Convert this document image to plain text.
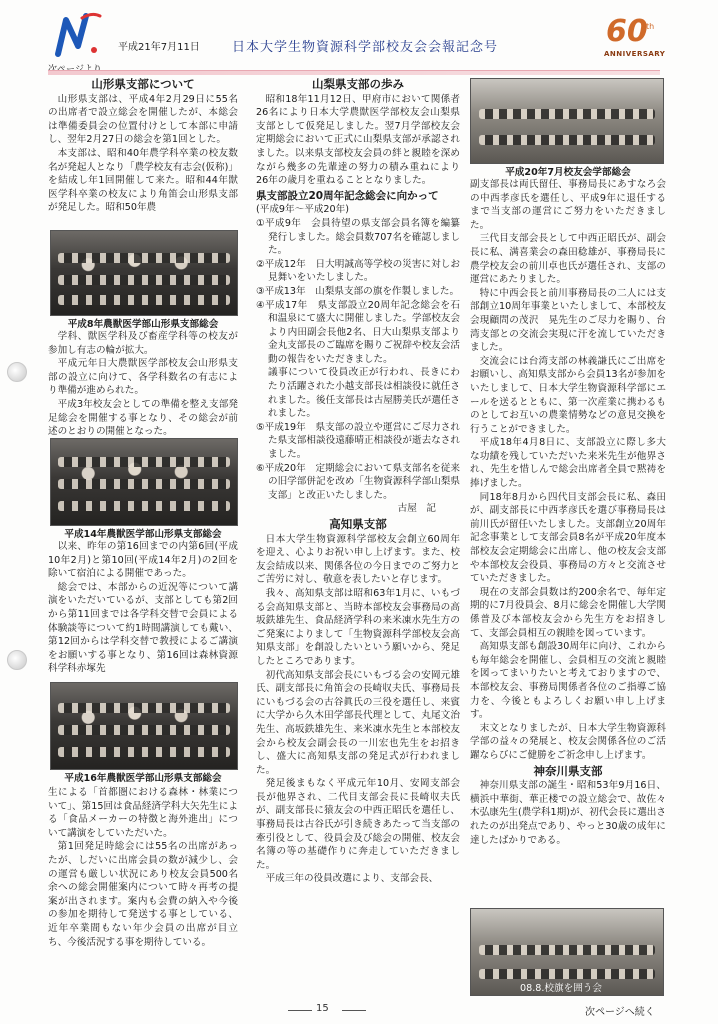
平成21年7月11日 日本大学生物資源科学部校友会会報記念号	60
th
ANNIVERSARY
山形県支部について

山形県支部は、平成4年2月29日に55名の出席者で設立総会を開催したが、本総会は準備委員会の位置付けとして本部に申請し、翌年2月27日の総会を第1回とした。

本支部は、昭和40年農学科卒業の校友数名が発起人となり「農学校友有志会(仮称)」を結成し年1回開催して来た。昭和44年獣医学科卒業の校友により角笛会山形県支部が発足した。昭和50年農

平成8年農獣医学部山形県支部総会

学科、獣医学科及び畜産学科等の校友が参加し有志の輪が拡大。

平成元年日大農獣医学部校友会山形県支部の設立に向けて、各学科数名の有志により準備が進められた。

平成3年校友会としての準備を整え支部発足総会を開催する事となり、その総会が前述のとおりの開催となった。

平成14年農獣医学部山形県支部総会

以来、昨年の第16回までの内第6回(平成10年2月)と第10回(平成14年2月)の2回を除いて宿泊による開催であった。

総会では、本部からの近況等について講演をいただいているが、支部としても第2回から第11回までは各学科交替で会員による体験談等について約1時間講演しても戴い、第12回からは学科交替で教授によるご講演をお願いする事となり、第16回は森林資源科学科赤塚先

平成16年農獣医学部山形県支部総会

生による「首都圏における森林・林業について」、第15回は食品経済学科大矢先生による「食品メーカーの特徴と海外進出」について講演をしていただいた。

第1回発足時総会には55名の出席があったが、しだいに出席会員の数が減少し、会の運営も厳しい状況にあり校友会員500名余への総会開催案内について時々再考の提案が出されます。案内も会費の納入や今後の参加を期待して発送する事としている、近年卒業間もない年少会員の出席が目立ち、今後活況する事を期待している。

山梨県支部の歩み

昭和18年11月12日、甲府市において関係者26名により日本大学農獣医学部校友会山梨県支部として仮発足しました。翌7月学部校友会定期総会において正式に山梨県支部が承認されました。以来県支部校友会員の絆と親睦を深めながら幾多の先輩達の努力の積み重ねにより26年の歳月を重ねることとなりました。

県支部設立20周年記念総会に向かって
(平成9年〜平成20年)
①平成9年　会員待望の県支部会員名簿を編纂発行しました。総会員数707名を確認しました。
②平成12年　日大明誠高等学校の災害に対しお見舞いをいたしました。
③平成13年　山梨県支部の旗を作製しました。
④平成17年　県支部設立20周年記念総会を石和温泉にて盛大に開催しました。学部校友会より内田副会長他2名、日大山梨県支部より金丸支部長のご臨席を賜りご祝辞や校友会活動の報告をいただきました。
議事について役員改正が行われ、長きにわたり活躍された小越支部長は相談役に就任されました。後任支部長は古屋勝美氏が選任されました。
⑤平成19年　県支部の設立や運営にご尽力された県支部相談役遠藤晴正相談役が逝去なされました。
⑥平成20年　定期総会において県支部名を従来の旧学部併記を改め「生物資源科学部山梨県支部」と改正いたしました。
古屋　記
高知県支部

日本大学生物資源科学部校友会創立60周年を迎え、心よりお祝い申し上げます。また、校友会結成以来、関係各位の今日までのご努力とご苦労に対し、敬意を表したいと存じます。

我々、高知県支部は昭和63年1月に、いもづる会高知県支部と、当時本部校友会事務局の高坂鉄雄先生、食品経済学科の来米凍水先生方のご発案によりまして「生物資源科学部校友会高知県支部」を創設したいという願いから、発足したところであります。

初代高知県支部会長にいもづる会の安岡元雄氏、副支部長に角笛会の長崎収夫氏、事務局長にいもづる会の古谷眞氏の三役を選任し、来賓に大学から久木田学部長代理として、丸尾文治先生、高坂鉄雄先生、来米凍水先生と本部校友会から校友会副会長の一川宏也先生をお招きし、盛大に高知県支部の発足式が行われました。

発足後まもなく平成元年10月、安岡支部会長が他界され、二代目支部会長に長崎収夫氏が、副支部長に猿友会の中西正昭氏を選任し、事務局長は古谷氏が引き続きあたって当支部の牽引役として、役員会及び総会の開催、校友会名簿の等の基礎作りに奔走していただきました。

平成三年の役員改選により、支部会長、

平成20年7月校友会学部総会

副支部長は両氏留任、事務局長にあすなろ会の中西孝彦氏を選任し、平成9年に退任するまで当支部の運営にご努力をいただきました。

三代目支部会長として中西正昭氏が、副会長に私、满喜業会の森田稔雄が、事務局長に農学校友会の前川卓也氏が選任され、支部の運営にあたりました。

特に中西会長と前川事務局長の二人には支部創立10周年事業といたしまして、本部校友会現顧問の茂沢　晃先生のご尽力を賜り、台湾支部との交流会実現に汗を流していただきました。

交流会には台湾支部の林義謙氏にご出席をお願いし、高知県支部から会員13名が参加をいたしまして、日本大学生物資源科学部にエールを送るとともに、第一次産業に携わるものとしてお互いの農業情勢などの意見交換を行うことができました。

平成18年4月8日に、支部設立に際し多大な功績を残していただいた来米先生が他界され、先生を惜しんで総会出席者全員で黙祷を捧げました。

同18年8月から四代目支部会長に私、森田が、副支部長に中西孝彦氏を選び事務局長は前川氏が留任いたしました。支部創立20周年記念事業として支部会員8名が平成20年度本部校友会定期総会に出席し、他の校友会支部や本部校友会役員、事務局の方々と交流させていただきました。

現在の支部会員数は約200余名で、毎年定期的に7月役員会、8月に総会を開催し大学関係普及び本部校友会から先生方をお招きして、支部会員相互の親睦を図っています。

高知県支部も創設30周年に向け、これからも毎年総会を開催し、会員相互の交流と親睦を図ってまいりたいと考えておりますので、本部校友会、事務局関係者各位のご指導ご協力を、今後ともよろしくお願い申し上げます。

末文となりましたが、日本大学生物資源科学部の益々の発展と、校友会関係各位のご活躍ならびにご健勝をご祈念申し上げます。

神奈川県支部

神奈川県支部の誕生・昭和53年9月16日、横浜中華街、華正楼での設立総会で、故佐々木弘康先生(農学科1期)が、初代会長に選出されたのが出発点であり、やっと30歳の成年に達したばかりである。

08.8.校旗を囲う会
15	次ページへ続く
